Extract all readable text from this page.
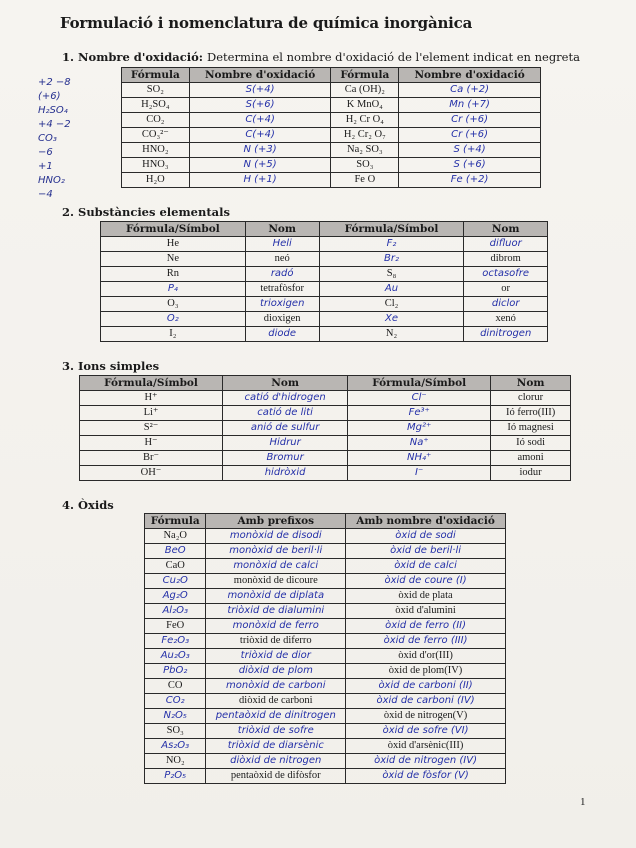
Formulació i nomenclatura de química inorgànica
1. Nombre d'oxidació: Determina el nombre d'oxidació de l'element indicat en negreta
+2 −8
(+6)
H₂SO₄
+4 −2
CO₃
−6
+1
HNO₂
−4
Fórmula	Nombre d'oxidació	Fórmula	Nombre d'oxidació
SO₂	S(+4)	Ca (OH)₂	Ca (+2)
H₂SO₄	S(+6)	K MnO₄	Mn (+7)
CO₂	C(+4)	H₂ Cr O₄	Cr (+6)
CO₃²⁻	C(+4)	H₂ Cr₂ O₇	Cr (+6)
HNO₂	N (+3)	Na₂ SO₃	S (+4)
HNO₃	N (+5)	SO₃	S (+6)
H₂O	H (+1)	Fe O	Fe (+2)
2. Substàncies elementals
Fórmula/Símbol	Nom	Fórmula/Símbol	Nom
He	Heli	F₂	difluor
Ne	neó	Br₂	dibrom
Rn	radó	S₈	octasofre
P₄	tetrafòsfor	Au	or
O₃	trioxigen	Cl₂	diclor
O₂	dioxigen	Xe	xenó
I₂	diode	N₂	dinitrogen
3. Ions simples
Fórmula/Símbol	Nom	Fórmula/Símbol	Nom
H⁺	catió d'hidrogen	Cl⁻	clorur
Li⁺	catió de liti	Fe³⁺	Ió ferro(III)
S²⁻	anió de sulfur	Mg²⁺	Ió magnesi
H⁻	Hidrur	Na⁺	Ió sodi
Br⁻	Bromur	NH₄⁺	amoni
OH⁻	hidròxid	I⁻	iodur
4. Òxids
Fórmula	Amb prefixos	Amb nombre d'oxidació
Na₂O	monòxid de disodi	òxid de sodi
BeO	monòxid de beril·li	òxid de beril·li
CaO	monòxid de calci	òxid de calci
Cu₂O	monòxid de dicoure	òxid de coure (I)
Ag₂O	monòxid de diplata	òxid de plata
Al₂O₃	triòxid de dialumini	òxid d'alumini
FeO	monòxid de ferro	òxid de ferro (II)
Fe₂O₃	triòxid de diferro	òxid de ferro (III)
Au₂O₃	triòxid de dior	òxid d'or(III)
PbO₂	diòxid de plom	òxid de plom(IV)
CO	monòxid de carboni	òxid de carboni (II)
CO₂	diòxid de carboni	òxid de carboni (IV)
N₂O₅	pentaòxid de dinitrogen	òxid de nitrogen(V)
SO₃	triòxid de sofre	òxid de sofre (VI)
As₂O₃	triòxid de diarsènic	òxid d'arsènic(III)
NO₂	diòxid de nitrogen	òxid de nitrogen (IV)
P₂O₅	pentaòxid de difòsfor	òxid de fòsfor (V)
1
